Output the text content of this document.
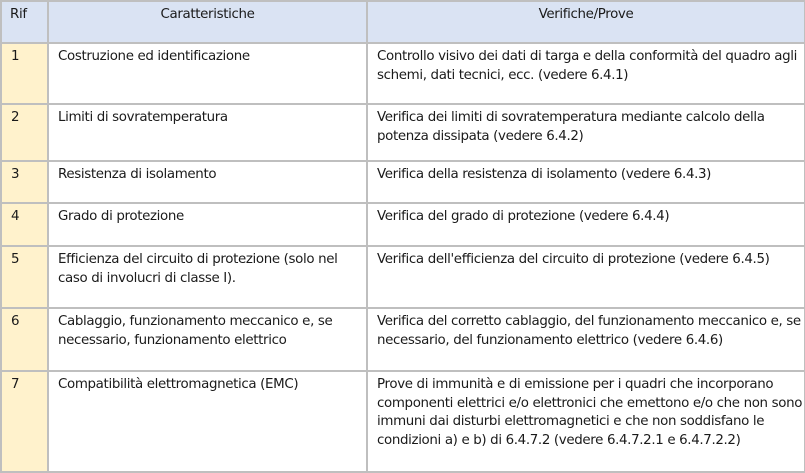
Rif	Caratteristiche	Verifiche/Prove
1	Costruzione ed identificazione	Controllo visivo dei dati di targa e della conformità del quadro agli schemi, dati tecnici, ecc. (vedere 6.4.1)
2	Limiti di sovratemperatura	Verifica dei limiti di sovratemperatura mediante calcolo della potenza dissipata (vedere 6.4.2)
3	Resistenza di isolamento	Verifica della resistenza di isolamento (vedere 6.4.3)
4	Grado di protezione	Verifica del grado di protezione (vedere 6.4.4)
5	Efficienza del circuito di protezione (solo nel caso di involucri di classe I).	Verifica dell'efficienza del circuito di protezione (vedere 6.4.5)
6	Cablaggio, funzionamento meccanico e, se necessario, funzionamento elettrico	Verifica del corretto cablaggio, del funzionamento meccanico e, se necessario, del funzionamento elettrico (vedere 6.4.6)
7	Compatibilità elettromagnetica (EMC)	Prove di immunità e di emissione per i quadri che incorporano componenti elettrici e/o elettronici che emettono e/o che non sono immuni dai disturbi elettromagnetici e che non soddisfano le condizioni a) e b) di 6.4.7.2 (vedere 6.4.7.2.1 e 6.4.7.2.2)
